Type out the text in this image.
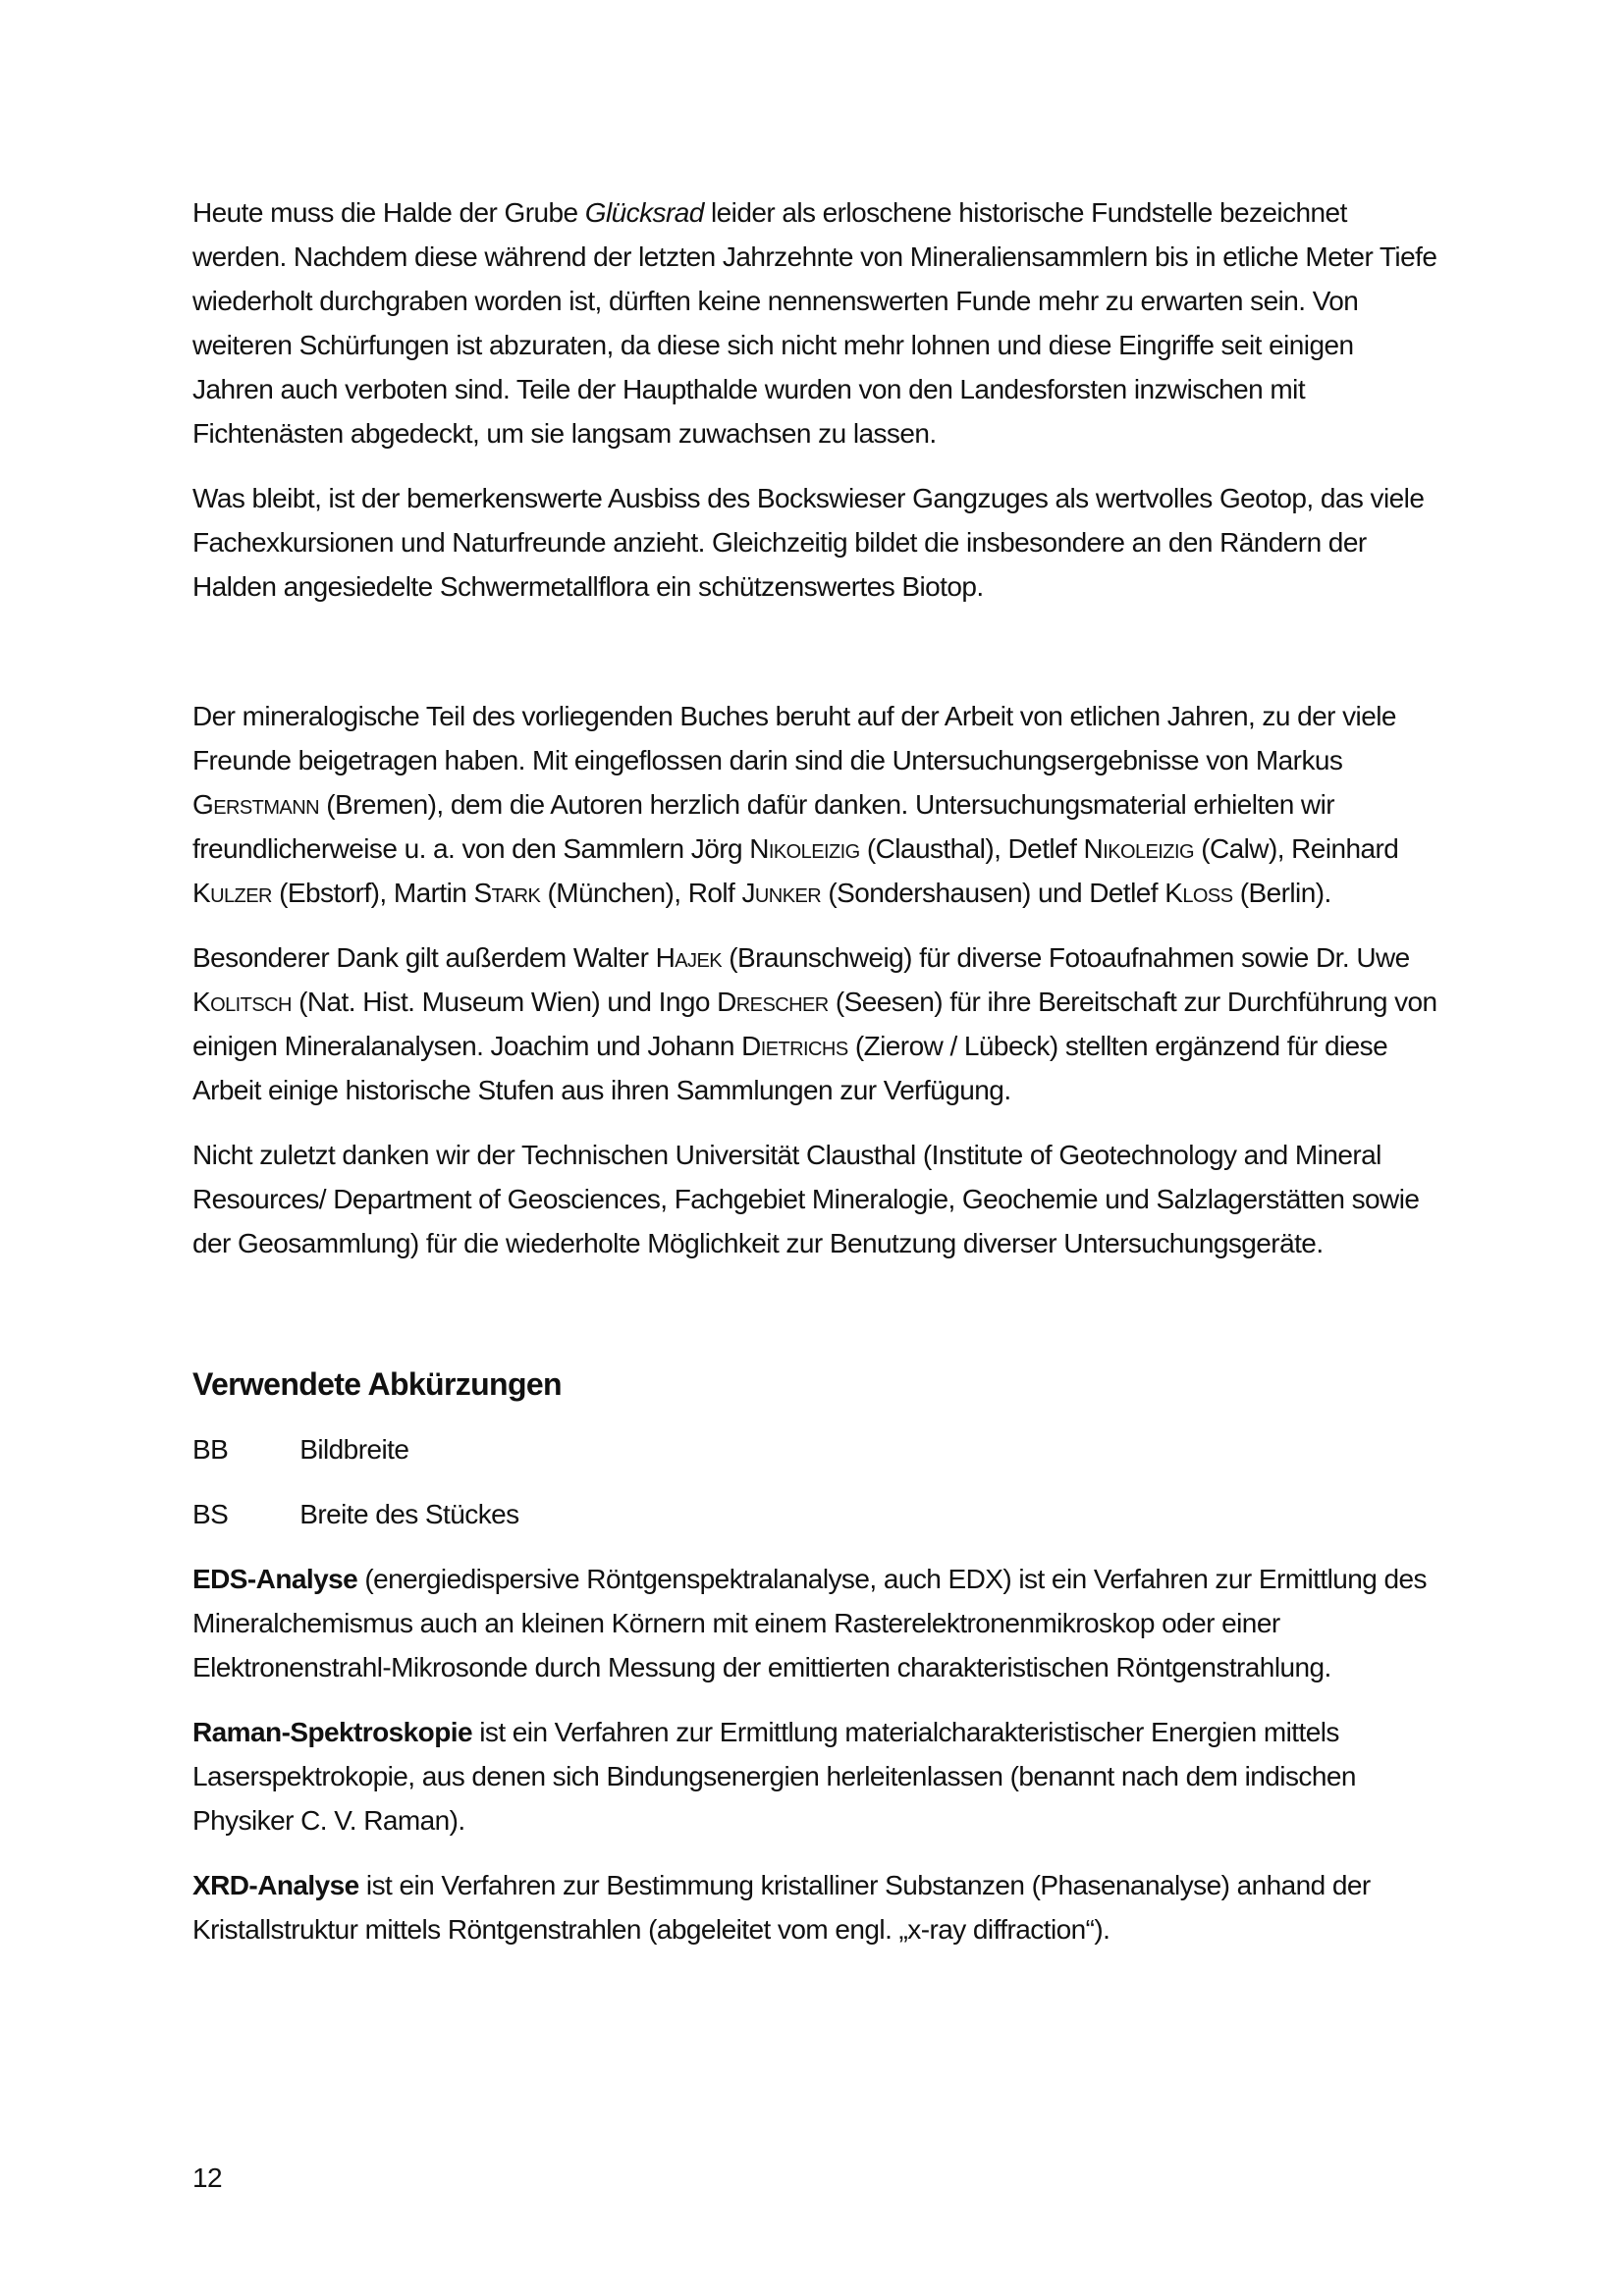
Heute muss die Halde der Grube Glücksrad leider als erloschene historische Fundstelle bezeichnet werden. Nachdem diese während der letzten Jahrzehnte von Mineraliensammlern bis in etliche Meter Tiefe wiederholt durchgraben worden ist, dürften keine nennenswerten Funde mehr zu erwarten sein. Von weiteren Schürfungen ist abzuraten, da diese sich nicht mehr lohnen und diese Eingriffe seit einigen Jahren auch verboten sind. Teile der Haupthalde wurden von den Landesforsten inzwischen mit Fichtenästen abgedeckt, um sie langsam zuwachsen zu lassen.

Was bleibt, ist der bemerkenswerte Ausbiss des Bockswieser Gangzuges als wertvolles Geotop, das viele Fachexkursionen und Naturfreunde anzieht. Gleichzeitig bildet die insbesondere an den Rändern der Halden angesiedelte Schwermetallflora ein schützenswertes Biotop.

Der mineralogische Teil des vorliegenden Buches beruht auf der Arbeit von etlichen Jahren, zu der viele Freunde beigetragen haben. Mit eingeflossen darin sind die Untersuchungsergebnisse von Markus Gerstmann (Bremen), dem die Autoren herzlich dafür danken. Untersuchungsmaterial erhielten wir freundlicherweise u. a. von den Sammlern Jörg Nikoleizig (Clausthal), Detlef Nikoleizig (Calw), Reinhard Kulzer (Ebstorf), Martin Stark (München), Rolf Junker (Sondershausen) und Detlef Kloss (Berlin).

Besonderer Dank gilt außerdem Walter Hajek (Braunschweig) für diverse Fotoaufnahmen sowie Dr. Uwe Kolitsch (Nat. Hist. Museum Wien) und Ingo Drescher (Seesen) für ihre Bereitschaft zur Durchführung von einigen Mineralanalysen. Joachim und Johann Dietrichs (Zierow / Lübeck) stellten ergänzend für diese Arbeit einige historische Stufen aus ihren Sammlungen zur Verfügung.

Nicht zuletzt danken wir der Technischen Universität Clausthal (Institute of Geotechnology and Mineral Resources/ Department of Geosciences, Fachgebiet Mineralogie, Geochemie und Salzlagerstätten sowie der Geosammlung) für die wiederholte Möglichkeit zur Benutzung diverser Untersuchungsgeräte.

Verwendete Abkürzungen
BB	Bildbreite
BS	Breite des Stückes

EDS-Analyse (energiedispersive Röntgenspektralanalyse, auch EDX) ist ein Verfahren zur Ermittlung des Mineralchemismus auch an kleinen Körnern mit einem Rasterelektronenmikroskop oder einer Elektronenstrahl-Mikrosonde durch Messung der emittierten charakteristischen Röntgenstrahlung.

Raman-Spektroskopie ist ein Verfahren zur Ermittlung materialcharakteristischer Energien mittels Laserspektrokopie, aus denen sich Bindungsenergien herleitenlassen (benannt nach dem indischen Physiker C. V. Raman).

XRD-Analyse ist ein Verfahren zur Bestimmung kristalliner Substanzen (Phasenanalyse) anhand der Kristallstruktur mittels Röntgenstrahlen (abgeleitet vom engl. „x-ray diffraction“).

12
